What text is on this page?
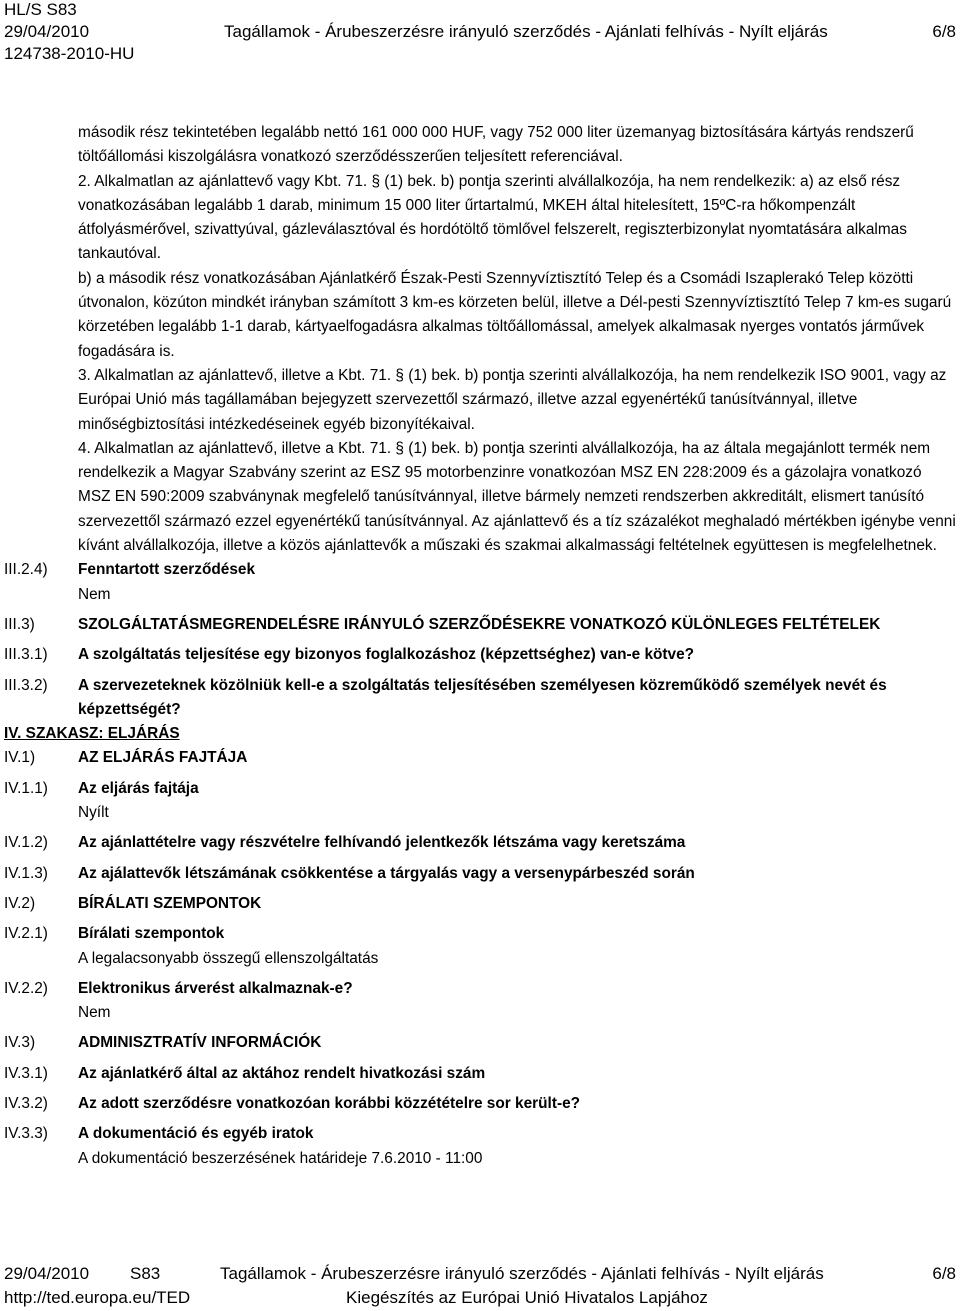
HL/S S83
29/04/2010
124738-2010-HU
Tagállamok - Árubeszerzésre irányuló szerződés - Ajánlati felhívás - Nyílt eljárás	6/8

második rész tekintetében legalább nettó 161 000 000 HUF, vagy 752 000 liter üzemanyag biztosítására kártyás rendszerű töltőállomási kiszolgálásra vonatkozó szerződésszerűen teljesített referenciával.

2. Alkalmatlan az ajánlattevő vagy Kbt. 71. § (1) bek. b) pontja szerinti alvállalkozója, ha nem rendelkezik: a) az első rész vonatkozásában legalább 1 darab, minimum 15 000 liter űrtartalmú, MKEH által hitelesített, 15ºC-ra hőkompenzált átfolyásmérővel, szivattyúval, gázleválasztóval és hordótöltő tömlővel felszerelt, regiszterbizonylat nyomtatására alkalmas tankautóval.

b) a második rész vonatkozásában Ajánlatkérő Észak-Pesti Szennyvíztisztító Telep és a Csomádi Iszaplerakó Telep közötti útvonalon, közúton mindkét irányban számított 3 km-es körzeten belül, illetve a Dél-pesti Szennyvíztisztító Telep 7 km-es sugarú körzetében legalább 1-1 darab, kártyaelfogadásra alkalmas töltőállomással, amelyek alkalmasak nyerges vontatós járművek fogadására is.

3. Alkalmatlan az ajánlattevő, illetve a Kbt. 71. § (1) bek. b) pontja szerinti alvállalkozója, ha nem rendelkezik ISO 9001, vagy az Európai Unió más tagállamában bejegyzett szervezettől származó, illetve azzal egyenértékű tanúsítvánnyal, illetve minőségbiztosítási intézkedéseinek egyéb bizonyítékaival.

4. Alkalmatlan az ajánlattevő, illetve a Kbt. 71. § (1) bek. b) pontja szerinti alvállalkozója, ha az általa megajánlott termék nem rendelkezik a Magyar Szabvány szerint az ESZ 95 motorbenzinre vonatkozóan MSZ EN 228:2009 és a gázolajra vonatkozó MSZ EN 590:2009 szabványnak megfelelő tanúsítvánnyal, illetve bármely nemzeti rendszerben akkreditált, elismert tanúsító szervezettől származó ezzel egyenértékű tanúsítvánnyal. Az ajánlattevő és a tíz százalékot meghaladó mértékben igénybe venni kívánt alvállalkozója, illetve a közös ajánlattevők a műszaki és szakmai alkalmassági feltételnek együttesen is megfelelhetnek.

III.2.4) Fenntartott szerződések
Nem
III.3)	SZOLGÁLTATÁSMEGRENDELÉSRE IRÁNYULÓ SZERZŐDÉSEKRE VONATKOZÓ KÜLÖNLEGES FELTÉTELEK
III.3.1) A szolgáltatás teljesítése egy bizonyos foglalkozáshoz (képzettséghez) van-e kötve?
III.3.2) A szervezeteknek közölniük kell-e a szolgáltatás teljesítésében személyesen közreműködő személyek nevét és képzettségét?
IV. SZAKASZ: ELJÁRÁS
IV.1)	AZ ELJÁRÁS FAJTÁJA
IV.1.1) Az eljárás fajtája
Nyílt
IV.1.2) Az ajánlattételre vagy részvételre felhívandó jelentkezők létszáma vagy keretszáma
IV.1.3) Az ajálattevők létszámának csökkentése a tárgyalás vagy a versenypárbeszéd során
IV.2)	BÍRÁLATI SZEMPONTOK
IV.2.1) Bírálati szempontok
A legalacsonyabb összegű ellenszolgáltatás
IV.2.2) Elektronikus árverést alkalmaznak-e?
Nem
IV.3)	ADMINISZTRATÍV INFORMÁCIÓK
IV.3.1) Az ajánlatkérő által az aktához rendelt hivatkozási szám
IV.3.2) Az adott szerződésre vonatkozóan korábbi közzétételre sor került-e?
IV.3.3) A dokumentáció és egyéb iratok
A dokumentáció beszerzésének határideje 7.6.2010 - 11:00
29/04/2010 S83	Tagállamok - Árubeszerzésre irányuló szerződés - Ajánlati felhívás - Nyílt eljárás	6/8
http://ted.europa.eu/TED	Kiegészítés az Európai Unió Hivatalos Lapjához
